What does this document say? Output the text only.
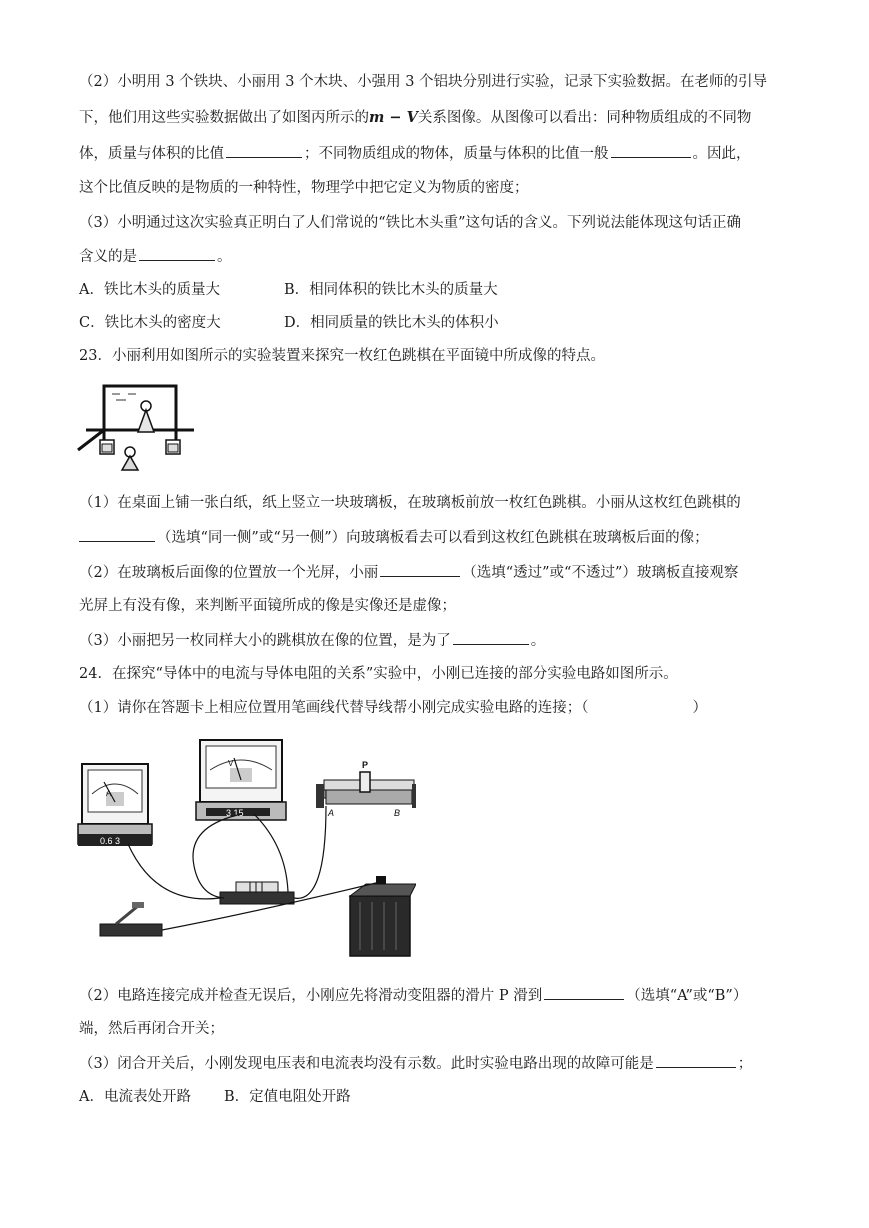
（2）小明用 3 个铁块、小丽用 3 个木块、小强用 3 个铝块分别进行实验，记录下实验数据。在老师的引导
下，他们用这些实验数据做出了如图丙所示的m − V关系图像。从图像可以看出：同种物质组成的不同物
体，质量与体积的比值	；不同物质组成的物体，质量与体积的比值一般	。因此，
这个比值反映的是物质的一种特性，物理学中把它定义为物质的密度；
（3）小明通过这次实验真正明白了人们常说的“铁比木头重”这句话的含义。下列说法能体现这句话正确
含义的是	。
A．铁比木头的质量大	B．相同体积的铁比木头的质量大
C．铁比木头的密度大	D．相同质量的铁比木头的体积小
23．小丽利用如图所示的实验装置来探究一枚红色跳棋在平面镜中所成像的特点。
（1）在桌面上铺一张白纸，纸上竖立一块玻璃板，在玻璃板前放一枚红色跳棋。小丽从这枚红色跳棋的
（选填“同一侧”或“另一侧”）向玻璃板看去可以看到这枚红色跳棋在玻璃板后面的像；
（2）在玻璃板后面像的位置放一个光屏，小丽	（选填“透过”或“不透过”）玻璃板直接观察
光屏上有没有像，来判断平面镜所成的像是实像还是虚像；
（3）小丽把另一枚同样大小的跳棋放在像的位置，是为了	。
24．在探究“导体中的电流与导体电阻的关系”实验中，小刚已连接的部分实验电路如图所示。
（1）请你在答题卡上相应位置用笔画线代替导线帮小刚完成实验电路的连接；（	）
A
0.6 3
V
3 15
P
A	B
（2）电路连接完成并检查无误后，小刚应先将滑动变阻器的滑片 P 滑到	（选填“A”或“B”）
端，然后再闭合开关；
（3）闭合开关后，小刚发现电压表和电流表均没有示数。此时实验电路出现的故障可能是	；
A．电流表处开路 B．定值电阻处开路
